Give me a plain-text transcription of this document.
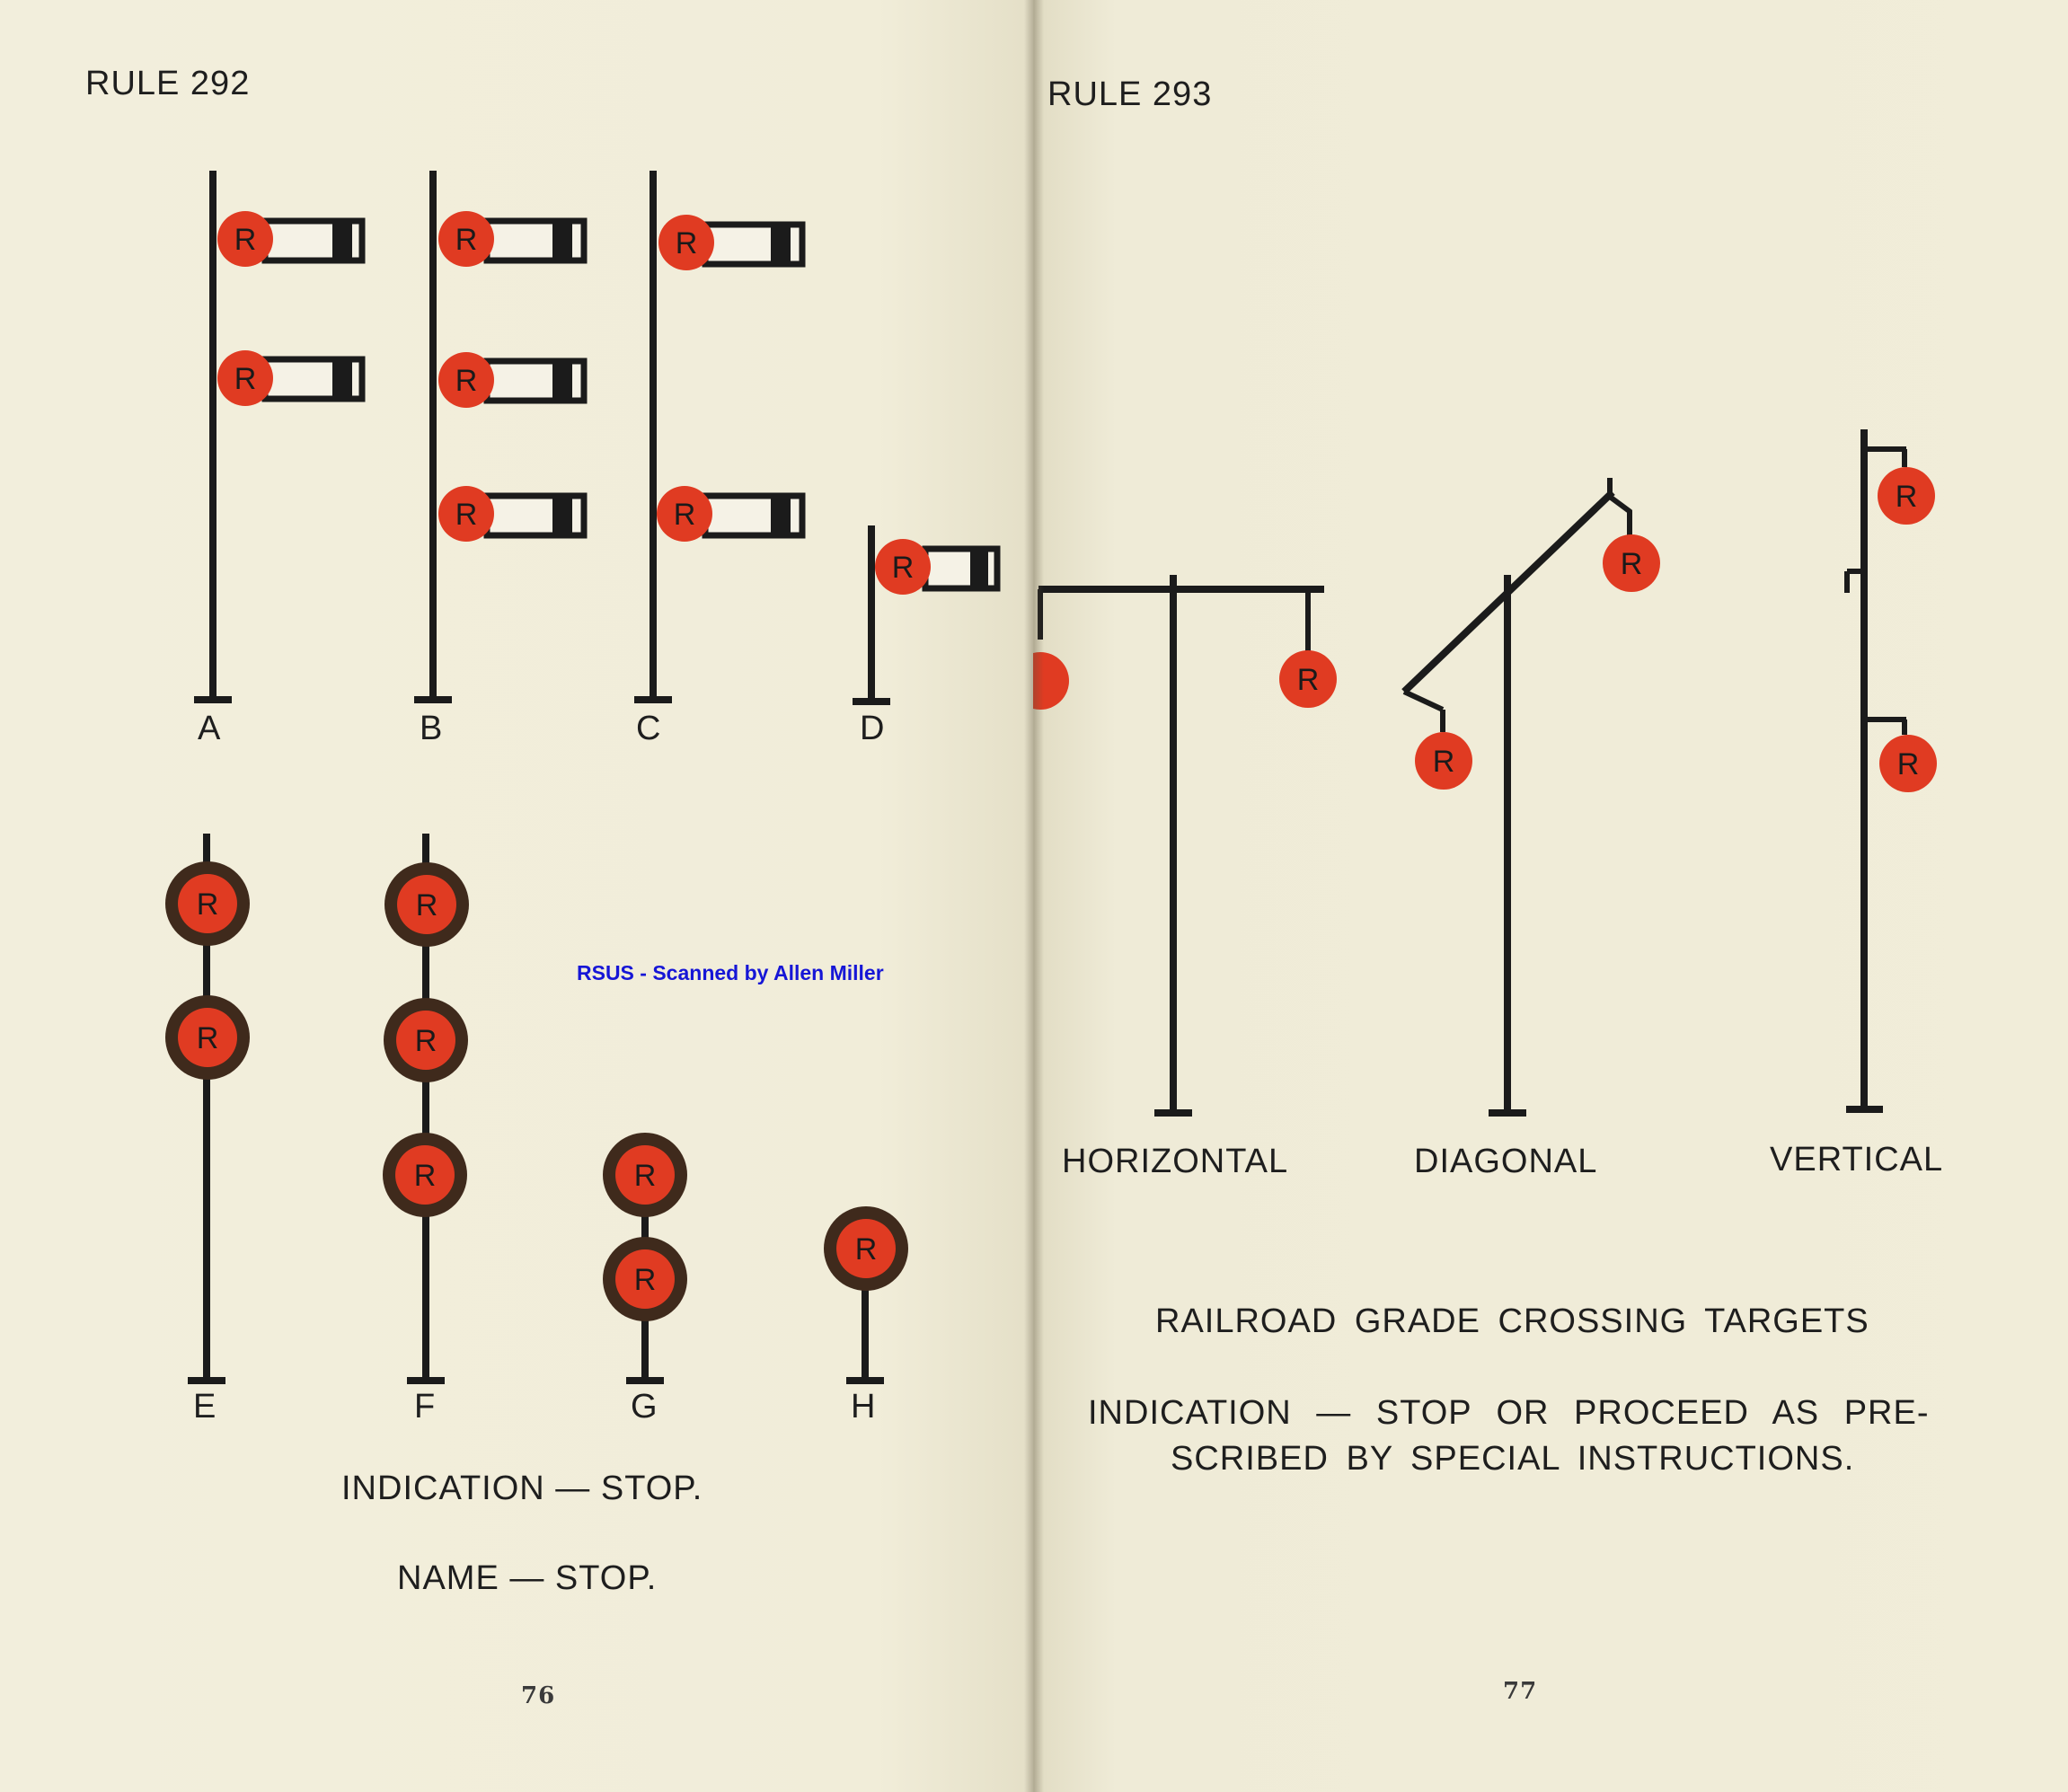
RULE 292
R
R
R
R
R
R
R
R
R
R
R
R
R	R
R
R
A	B	C	D
E	F	G	H
RSUS - Scanned by Allen Miller
INDICATION — STOP.
NAME — STOP.
76
RULE 293
R
R
R
R
R
HORIZONTAL	DIAGONAL	VERTICAL
RAILROAD GRADE CROSSING TARGETS
INDICATION — STOP OR PROCEED AS PRE-
SCRIBED BY SPECIAL INSTRUCTIONS.
77
